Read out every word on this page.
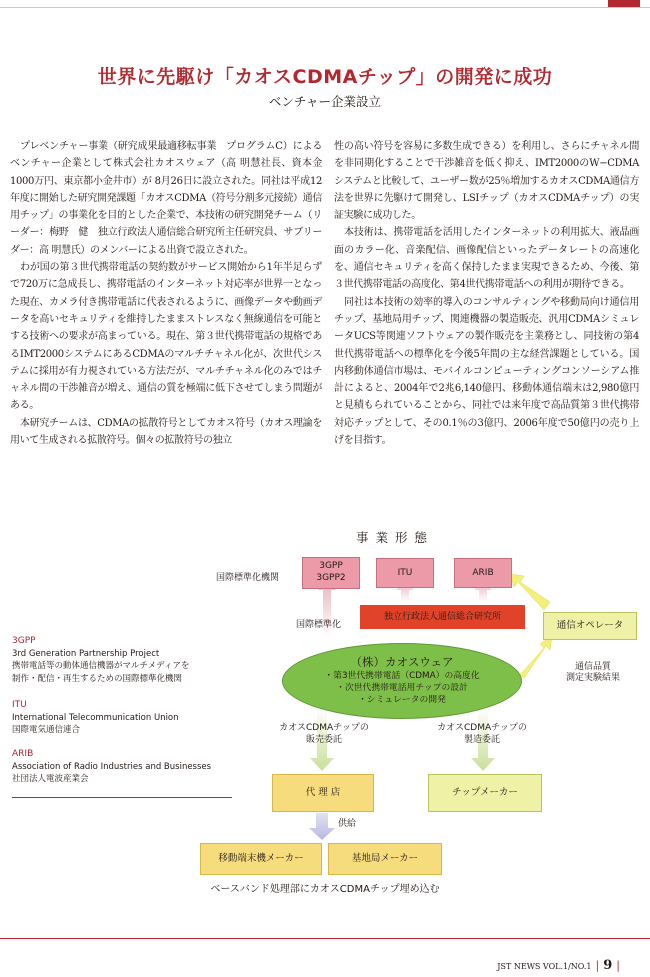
世界に先駆け「カオスCDMAチップ」の開発に成功
ベンチャー企業設立

プレベンチャー事業（研究成果最適移転事業　プログラムC）によるベンチャー企業として株式会社カオスウェア（高 明慧社長、資本金1000万円、東京都小金井市）が 8月26日に設立された。同社は平成12年度に開始した研究開発課題「カオスCDMA（符号分割多元接続）通信用チップ」の事業化を目的とした企業で、本技術の研究開発チーム（リーダー：梅野　健　独立行政法人通信総合研究所主任研究員、サブリーダー：高 明慧氏）のメンバーによる出資で設立された。

わが国の第３世代携帯電話の契約数がサービス開始から1年半足らずで720万に急成長し、携帯電話のインターネット対応率が世界一となった現在、カメラ付き携帯電話に代表されるように、画像データや動画データを高いセキュリティを維持したままストレスなく無線通信を可能とする技術への要求が高まっている。現在、第３世代携帯電話の規格であるIMT2000システムにあるCDMAのマルチチャネル化が、次世代システムに採用が有力視されている方法だが、マルチチャネル化のみではチャネル間の干渉雑音が増え、通信の質を極端に低下させてしまう問題がある。

本研究チームは、CDMAの拡散符号としてカオス符号（カオス理論を用いて生成される拡散符号。個々の拡散符号の独立

性の高い符号を容易に多数生成できる）を利用し、さらにチャネル間を非同期化することで干渉雑音を低く抑え、IMT2000のW−CDMAシステムと比較して、ユーザー数が25％増加するカオスCDMA通信方法を世界に先駆けて開発し、LSIチップ（カオスCDMAチップ）の実証実験に成功した。

本技術は、携帯電話を活用したインターネットの利用拡大、液晶画面のカラー化、音楽配信、画像配信といったデータレートの高速化を、通信セキュリティを高く保持したまま実現できるため、今後、第３世代携帯電話の高度化、第4世代携帯電話への利用が期待できる。

同社は本技術の効率的導入のコンサルティングや移動局向け通信用チップ、基地局用チップ、関連機器の製造販売、汎用CDMAシミュレータUCS等関連ソフトウェアの製作販売を主業務とし、同技術の第4世代携帯電話への標準化を今後5年間の主な経営課題としている。国内移動体通信市場は、モバイルコンピューティングコンソーシアム推計によると、2004年で2兆6,140億円、移動体通信端末は2,980億円と見積もられていることから、同社では来年度で高品質第３世代携帯対応チップとして、その0.1％の3億円、2006年度で50億円の売り上げを目指す。

事業形態
国際標準化機関
3GPP
3GPP2	ITU	ARIB
国際標準化
独立行政法人通信総合研究所
通信オペレータ
通信品質
測定実験結果
（株）カオスウェア
・第3世代携帯電話（CDMA）の高度化
・次世代携帯電話用チップの設計
・シミュレータの開発
カオスCDMAチップの
販売委託
カオスCDMAチップの
製造委託
代 理 店	チップメーカー
供給
移動端末機メーカー	基地局メーカー
ベースバンド処理部にカオスCDMAチップ埋め込む
3GPP
3rd Generation Partnership Project
携帯電話等の動体通信機器がマルチメディアを
制作・配信・再生するための国際標準化機関
ITU
International Telecommunication Union
国際電気通信連合
ARIB
Association of Radio Industries and Businesses
社団法人電波産業会
JST NEWS VOL.1/NO.1 | 9 |
